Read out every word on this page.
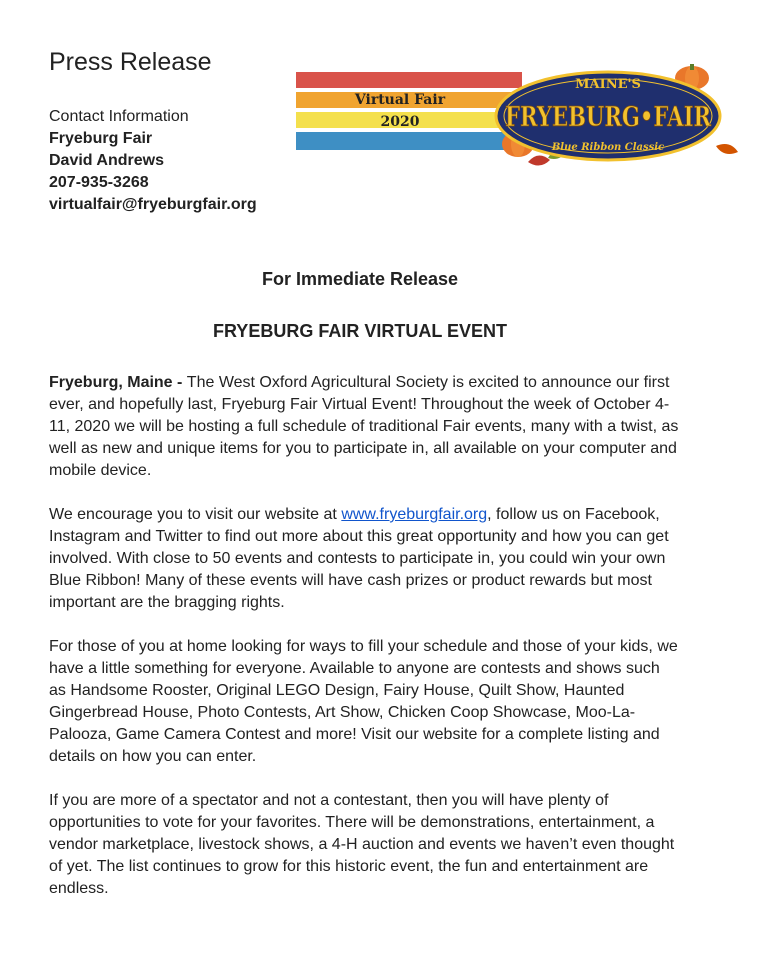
Press Release
Contact Information
Fryeburg Fair
David Andrews
207-935-3268
virtualfair@fryeburgfair.org
Virtual Fair
2020
MAINE'S
FRYEBURG•FAIR
Blue Ribbon Classic
For Immediate Release
FRYEBURG FAIR VIRTUAL EVENT

Fryeburg, Maine - The West Oxford Agricultural Society is excited to announce our first ever, and hopefully last, Fryeburg Fair Virtual Event! Throughout the week of October 4-11, 2020 we will be hosting a full schedule of traditional Fair events, many with a twist, as well as new and unique items for you to participate in, all available on your computer and mobile device.

We encourage you to visit our website at www.fryeburgfair.org, follow us on Facebook, Instagram and Twitter to find out more about this great opportunity and how you can get involved. With close to 50 events and contests to participate in, you could win your own Blue Ribbon! Many of these events will have cash prizes or product rewards but most important are the bragging rights.

For those of you at home looking for ways to fill your schedule and those of your kids, we have a little something for everyone. Available to anyone are contests and shows such as Handsome Rooster, Original LEGO Design, Fairy House, Quilt Show, Haunted Gingerbread House, Photo Contests, Art Show, Chicken Coop Showcase, Moo-La-Palooza, Game Camera Contest and more! Visit our website for a complete listing and details on how you can enter.

If you are more of a spectator and not a contestant, then you will have plenty of opportunities to vote for your favorites. There will be demonstrations, entertainment, a vendor marketplace, livestock shows, a 4-H auction and events we haven’t even thought of yet. The list continues to grow for this historic event, the fun and entertainment are endless.
